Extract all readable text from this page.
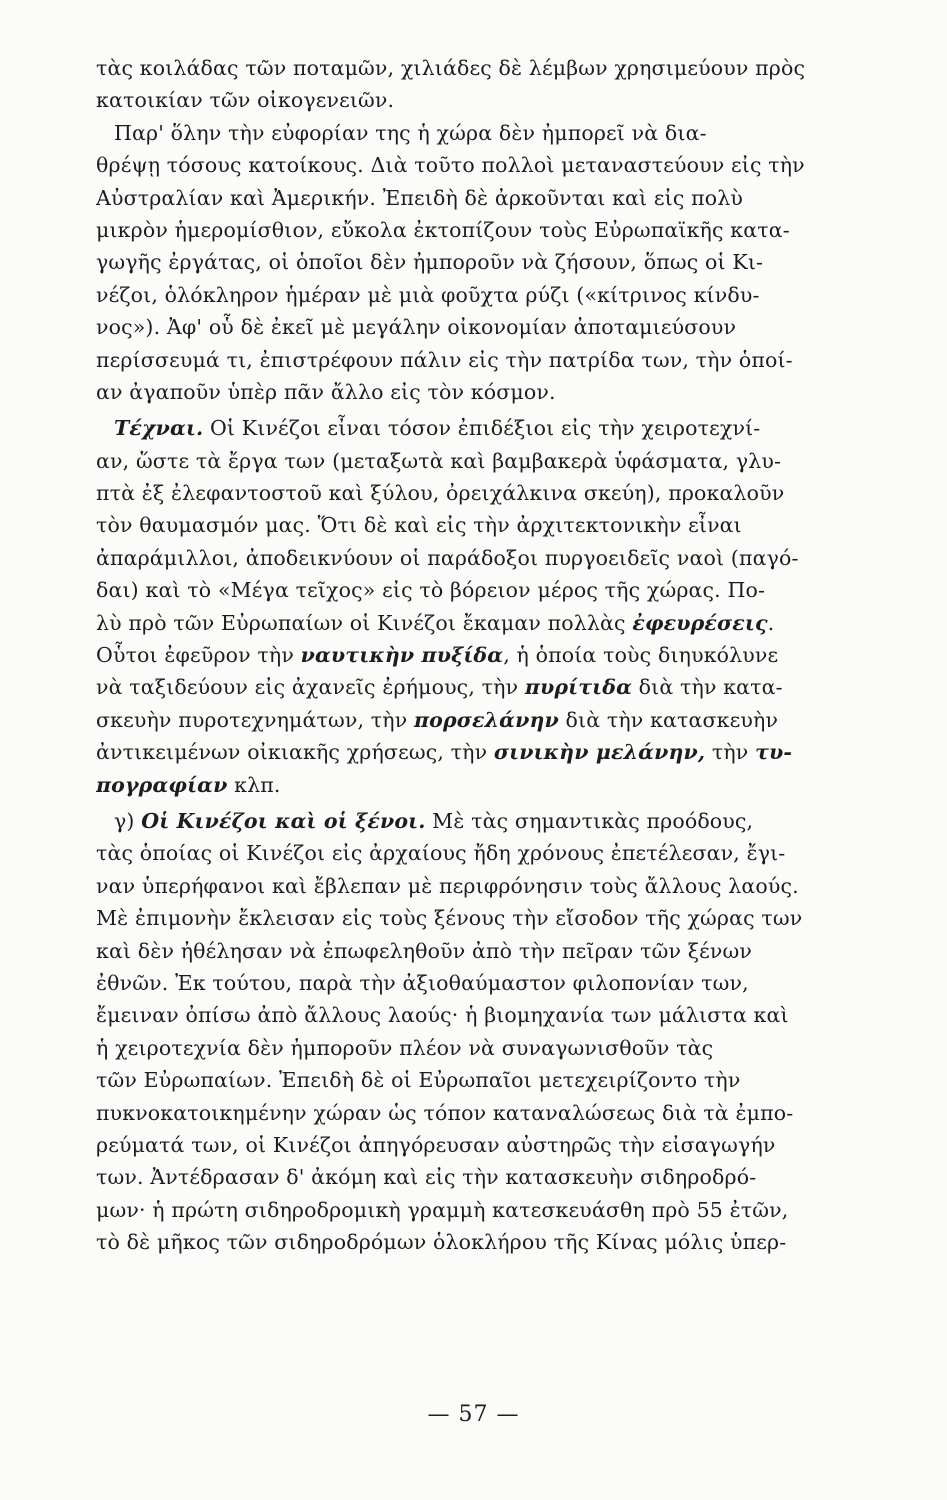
τὰς κοιλάδας τῶν ποταμῶν, χιλιάδες δὲ λέμβων χρησιμεύουν πρὸς
κατοικίαν τῶν οἰκογενειῶν.
Παρ' ὅλην τὴν εὐφορίαν της ἡ χώρα δὲν ἠμπορεῖ νὰ δια-
θρέψῃ τόσους κατοίκους. Διὰ τοῦτο πολλοὶ μεταναστεύουν εἰς τὴν
Αὐστραλίαν καὶ Ἀμερικήν. Ἐπειδὴ δὲ ἀρκοῦνται καὶ εἰς πολὺ
μικρὸν ἡμερομίσθιον, εὔκολα ἐκτοπίζουν τοὺς Εὐρωπαϊκῆς κατα-
γωγῆς ἐργάτας, οἱ ὁποῖοι δὲν ἠμποροῦν νὰ ζήσουν, ὅπως οἱ Κι-
νέζοι, ὁλόκληρον ἡμέραν μὲ μιὰ φοῦχτα ρύζι («κίτρινος κίνδυ-
νος»). Ἀφ' οὗ δὲ ἐκεῖ μὲ μεγάλην οἰκονομίαν ἀποταμιεύσουν
περίσσευμά τι, ἐπιστρέφουν πάλιν εἰς τὴν πατρίδα των, τὴν ὁποί-
αν ἀγαποῦν ὑπὲρ πᾶν ἄλλο εἰς τὸν κόσμον.
Τέχναι. Οἱ Κινέζοι εἶναι τόσον ἐπιδέξιοι εἰς τὴν χειροτεχνί-
αν, ὥστε τὰ ἔργα των (μεταξωτὰ καὶ βαμβακερὰ ὑφάσματα, γλυ-
πτὰ ἐξ ἐλεφαντοστοῦ καὶ ξύλου, ὀρειχάλκινα σκεύη), προκαλοῦν
τὸν θαυμασμόν μας. Ὅτι δὲ καὶ εἰς τὴν ἀρχιτεκτονικὴν εἶναι
ἀπαράμιλλοι, ἀποδεικνύουν οἱ παράδοξοι πυργοειδεῖς ναοὶ (παγό-
δαι) καὶ τὸ «Μέγα τεῖχος» εἰς τὸ βόρειον μέρος τῆς χώρας. Πο-
λὺ πρὸ τῶν Εὐρωπαίων οἱ Κινέζοι ἔκαμαν πολλὰς ἐφευρέσεις.
Οὗτοι ἐφεῦρον τὴν ναυτικὴν πυξίδα, ἡ ὁποία τοὺς διηυκόλυνε
νὰ ταξιδεύουν εἰς ἀχανεῖς ἐρήμους, τὴν πυρίτιδα διὰ τὴν κατα-
σκευὴν πυροτεχνημάτων, τὴν πορσελάνην διὰ τὴν κατασκευὴν
ἀντικειμένων οἰκιακῆς χρήσεως, τὴν σινικὴν μελάνην, τὴν τυ-
πογραφίαν κλπ.
γ) Οἱ Κινέζοι καὶ οἱ ξένοι. Μὲ τὰς σημαντικὰς προόδους,
τὰς ὁποίας οἱ Κινέζοι εἰς ἀρχαίους ἤδη χρόνους ἐπετέλεσαν, ἔγι-
ναν ὑπερήφανοι καὶ ἔβλεπαν μὲ περιφρόνησιν τοὺς ἄλλους λαούς.
Μὲ ἐπιμονὴν ἔκλεισαν εἰς τοὺς ξένους τὴν εἴσοδον τῆς χώρας των
καὶ δὲν ἠθέλησαν νὰ ἐπωφεληθοῦν ἀπὸ τὴν πεῖραν τῶν ξένων
ἐθνῶν. Ἐκ τούτου, παρὰ τὴν ἀξιοθαύμαστον φιλοπονίαν των,
ἔμειναν ὀπίσω ἀπὸ ἄλλους λαούς· ἡ βιομηχανία των μάλιστα καὶ
ἡ χειροτεχνία δὲν ἠμποροῦν πλέον νὰ συναγωνισθοῦν τὰς
τῶν Εὐρωπαίων. Ἐπειδὴ δὲ οἱ Εὐρωπαῖοι μετεχειρίζοντο τὴν
πυκνοκατοικημένην χώραν ὡς τόπον καταναλώσεως διὰ τὰ ἐμπο-
ρεύματά των, οἱ Κινέζοι ἀπηγόρευσαν αὐστηρῶς τὴν εἰσαγωγήν
των. Ἀντέδρασαν δ' ἀκόμη καὶ εἰς τὴν κατασκευὴν σιδηροδρό-
μων· ἡ πρώτη σιδηροδρομικὴ γραμμὴ κατεσκευάσθη πρὸ 55 ἐτῶν,
τὸ δὲ μῆκος τῶν σιδηροδρόμων ὁλοκλήρου τῆς Κίνας μόλις ὑπερ-
— 57 —
